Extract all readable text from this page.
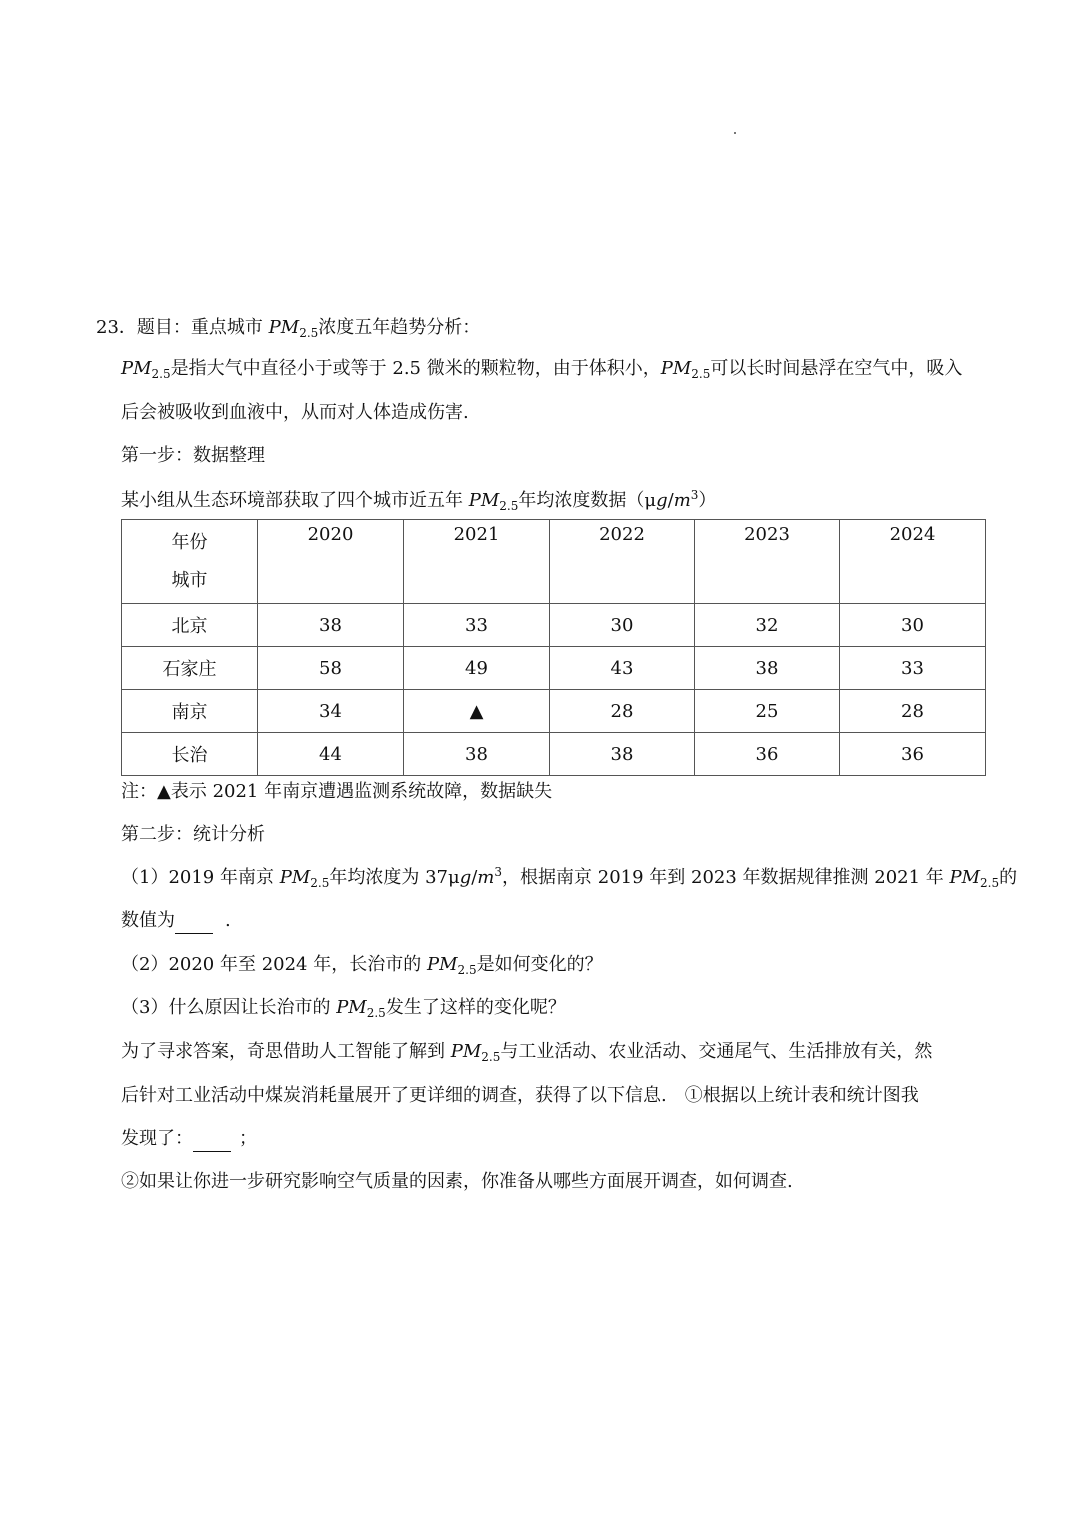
23．题目：重点城市 $PM_{2.5}$浓度五年趋势分析：
$PM_{2.5}$是指大气中直径小于或等于 2.5 微米的颗粒物，由于体积小，$PM_{2.5}$可以长时间悬浮在空气中，吸入
后会被吸收到血液中，从而对人体造成伤害.
第一步：数据整理
某小组从生态环境部获取了四个城市近五年 $PM_{2.5}$年均浓度数据$(\mu g/m^3)$
年份
城市	2020	2021	2022	2023	2024
北京	38	33	30	32	30
石家庄	58	49	43	38	33
南京	34	▲	28	25	28
长治	44	38	38	36	36
注：▲表示 2021 年南京遭遇监测系统故障，数据缺失
第二步：统计分析
（1）2019 年南京 $PM_{2.5}$年均浓度为 $37\mu g/m^3$，根据南京 2019 年到 2023 年数据规律推测 2021 年 $PM_{2.5}$的
数值为	.
（2）2020 年至 2024 年，长治市的 $PM_{2.5}$是如何变化的？
（3）什么原因让长治市的 $PM_{2.5}$发生了这样的变化呢？
为了寻求答案，奇思借助人工智能了解到 $PM_{2.5}$与工业活动、农业活动、交通尾气、生活排放有关，然
后针对工业活动中煤炭消耗量展开了更详细的调查，获得了以下信息.　①根据以上统计表和统计图我
发现了：	；
②如果让你进一步研究影响空气质量的因素，你准备从哪些方面展开调查，如何调查.
